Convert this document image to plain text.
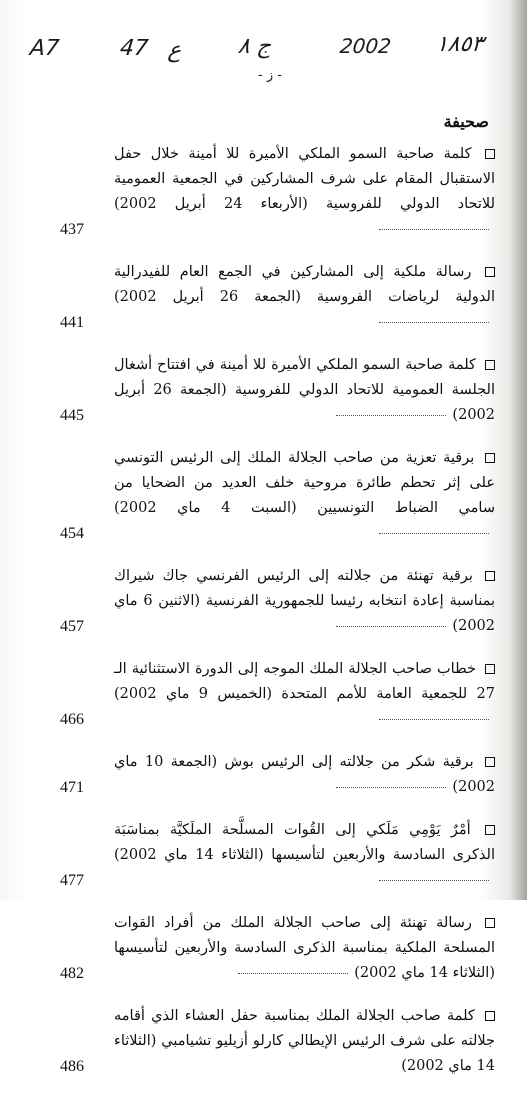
A7	47 ع ج ٨	2002 ١٨٥٣
- ز -
صحيفة
كلمة صاحبة السمو الملكي الأميرة للا أمينة خلال حفل الاستقبال المقام على شرف المشاركين في الجمعية العمومية للاتحاد الدولي للفروسية (الأربعاء 24 أبريل 2002)
437
رسالة ملكية إلى المشاركين في الجمع العام للفيدرالية الدولية لرياضات الفروسية (الجمعة 26 أبريل 2002)
441
كلمة صاحبة السمو الملكي الأميرة للا أمينة في افتتاح أشغال الجلسة العمومية للاتحاد الدولي للفروسية (الجمعة 26 أبريل 2002)
445
برقية تعزية من صاحب الجلالة الملك إلى الرئيس التونسي على إثر تحطم طائرة مروحية خلف العديد من الضحايا من سامي الضباط التونسيين (السبت 4 ماي 2002)
454
برقية تهنئة من جلالته إلى الرئيس الفرنسي جاك شيراك بمناسبة إعادة انتخابه رئيسا للجمهورية الفرنسية (الاثنين 6 ماي 2002)
457
خطاب صاحب الجلالة الملك الموجه إلى الدورة الاستثنائية الـ 27 للجمعية العامة للأمم المتحدة (الخميس 9 ماي 2002)
466
برقية شكر من جلالته إلى الرئيس بوش (الجمعة 10 ماي 2002)
471
أمْرٌ يَوْمِي مَلَكي إلى القُوات المسلَّحة الملَكيَّة بمناسَبَة الذكرى السادسة والأربعين لتأسيسها (الثلاثاء 14 ماي 2002)
477
رسالة تهنئة إلى صاحب الجلالة الملك من أفراد القوات المسلحة الملكية بمناسبة الذكرى السادسة والأربعين لتأسيسها (الثلاثاء 14 ماي 2002)
482
كلمة صاحب الجلالة الملك بمناسبة حفل العشاء الذي أقامه جلالته على شرف الرئيس الإيطالي كارلو أزيليو تشيامبي (الثلاثاء 14 ماي 2002)
486
